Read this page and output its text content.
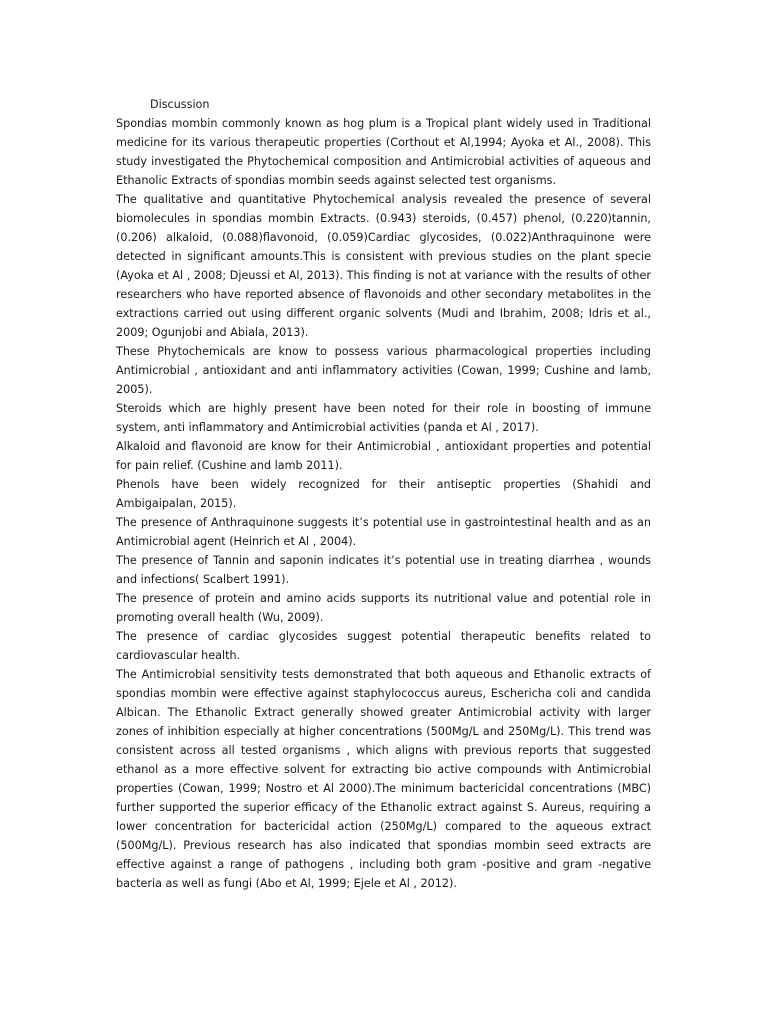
Discussion

Spondias mombin commonly known as hog plum is a Tropical plant widely used in Traditional medicine for its various therapeutic properties (Corthout et Al,1994; Ayoka et Al., 2008). This study investigated the Phytochemical composition and Antimicrobial activities of aqueous and Ethanolic Extracts of spondias mombin seeds against selected test organisms.

The qualitative and quantitative Phytochemical analysis revealed the presence of several biomolecules in spondias mombin Extracts. (0.943) steroids, (0.457) phenol, (0.220)tannin, (0.206) alkaloid, (0.088)flavonoid, (0.059)Cardiac glycosides, (0.022)Anthraquinone were detected in significant amounts.This is consistent with previous studies on the plant specie (Ayoka et Al , 2008; Djeussi et Al, 2013). This finding is not at variance with the results of other researchers who have reported absence of flavonoids and other secondary metabolites in the extractions carried out using different organic solvents (Mudi and Ibrahim, 2008; Idris et al., 2009; Ogunjobi and Abiala, 2013).

These Phytochemicals are know to possess various pharmacological properties including Antimicrobial , antioxidant and anti inflammatory activities (Cowan, 1999; Cushine and lamb, 2005).

Steroids which are highly present have been noted for their role in boosting of immune system, anti inflammatory and Antimicrobial activities (panda et Al , 2017).

Alkaloid and flavonoid are know for their Antimicrobial , antioxidant properties and potential for pain relief. (Cushine and lamb 2011).

Phenols have been widely recognized for their antiseptic properties (Shahidi and Ambigaipalan, 2015).

The presence of Anthraquinone suggests it’s potential use in gastrointestinal health and as an Antimicrobial agent (Heinrich et Al , 2004).

The presence of Tannin and saponin indicates it’s potential use in treating diarrhea , wounds and infections( Scalbert 1991).

The presence of protein and amino acids supports its nutritional value and potential role in promoting overall health (Wu, 2009).

The presence of cardiac glycosides suggest potential therapeutic benefits related to cardiovascular health.

The Antimicrobial sensitivity tests demonstrated that both aqueous and Ethanolic extracts of spondias mombin were effective against staphylococcus aureus, Eschericha coli and candida Albican. The Ethanolic Extract generally showed greater Antimicrobial activity with larger zones of inhibition especially at higher concentrations (500Mg/L and 250Mg/L). This trend was consistent across all tested organisms , which aligns with previous reports that suggested ethanol as a more effective solvent for extracting bio active compounds with Antimicrobial properties (Cowan, 1999; Nostro et Al 2000).The minimum bactericidal concentrations (MBC) further supported the superior efficacy of the Ethanolic extract against S. Aureus, requiring a lower concentration for bactericidal action (250Mg/L) compared to the aqueous extract (500Mg/L). Previous research has also indicated that spondias mombin seed extracts are effective against a range of pathogens , including both gram -positive and gram -negative bacteria as well as fungi (Abo et Al, 1999; Ejele et Al , 2012).
